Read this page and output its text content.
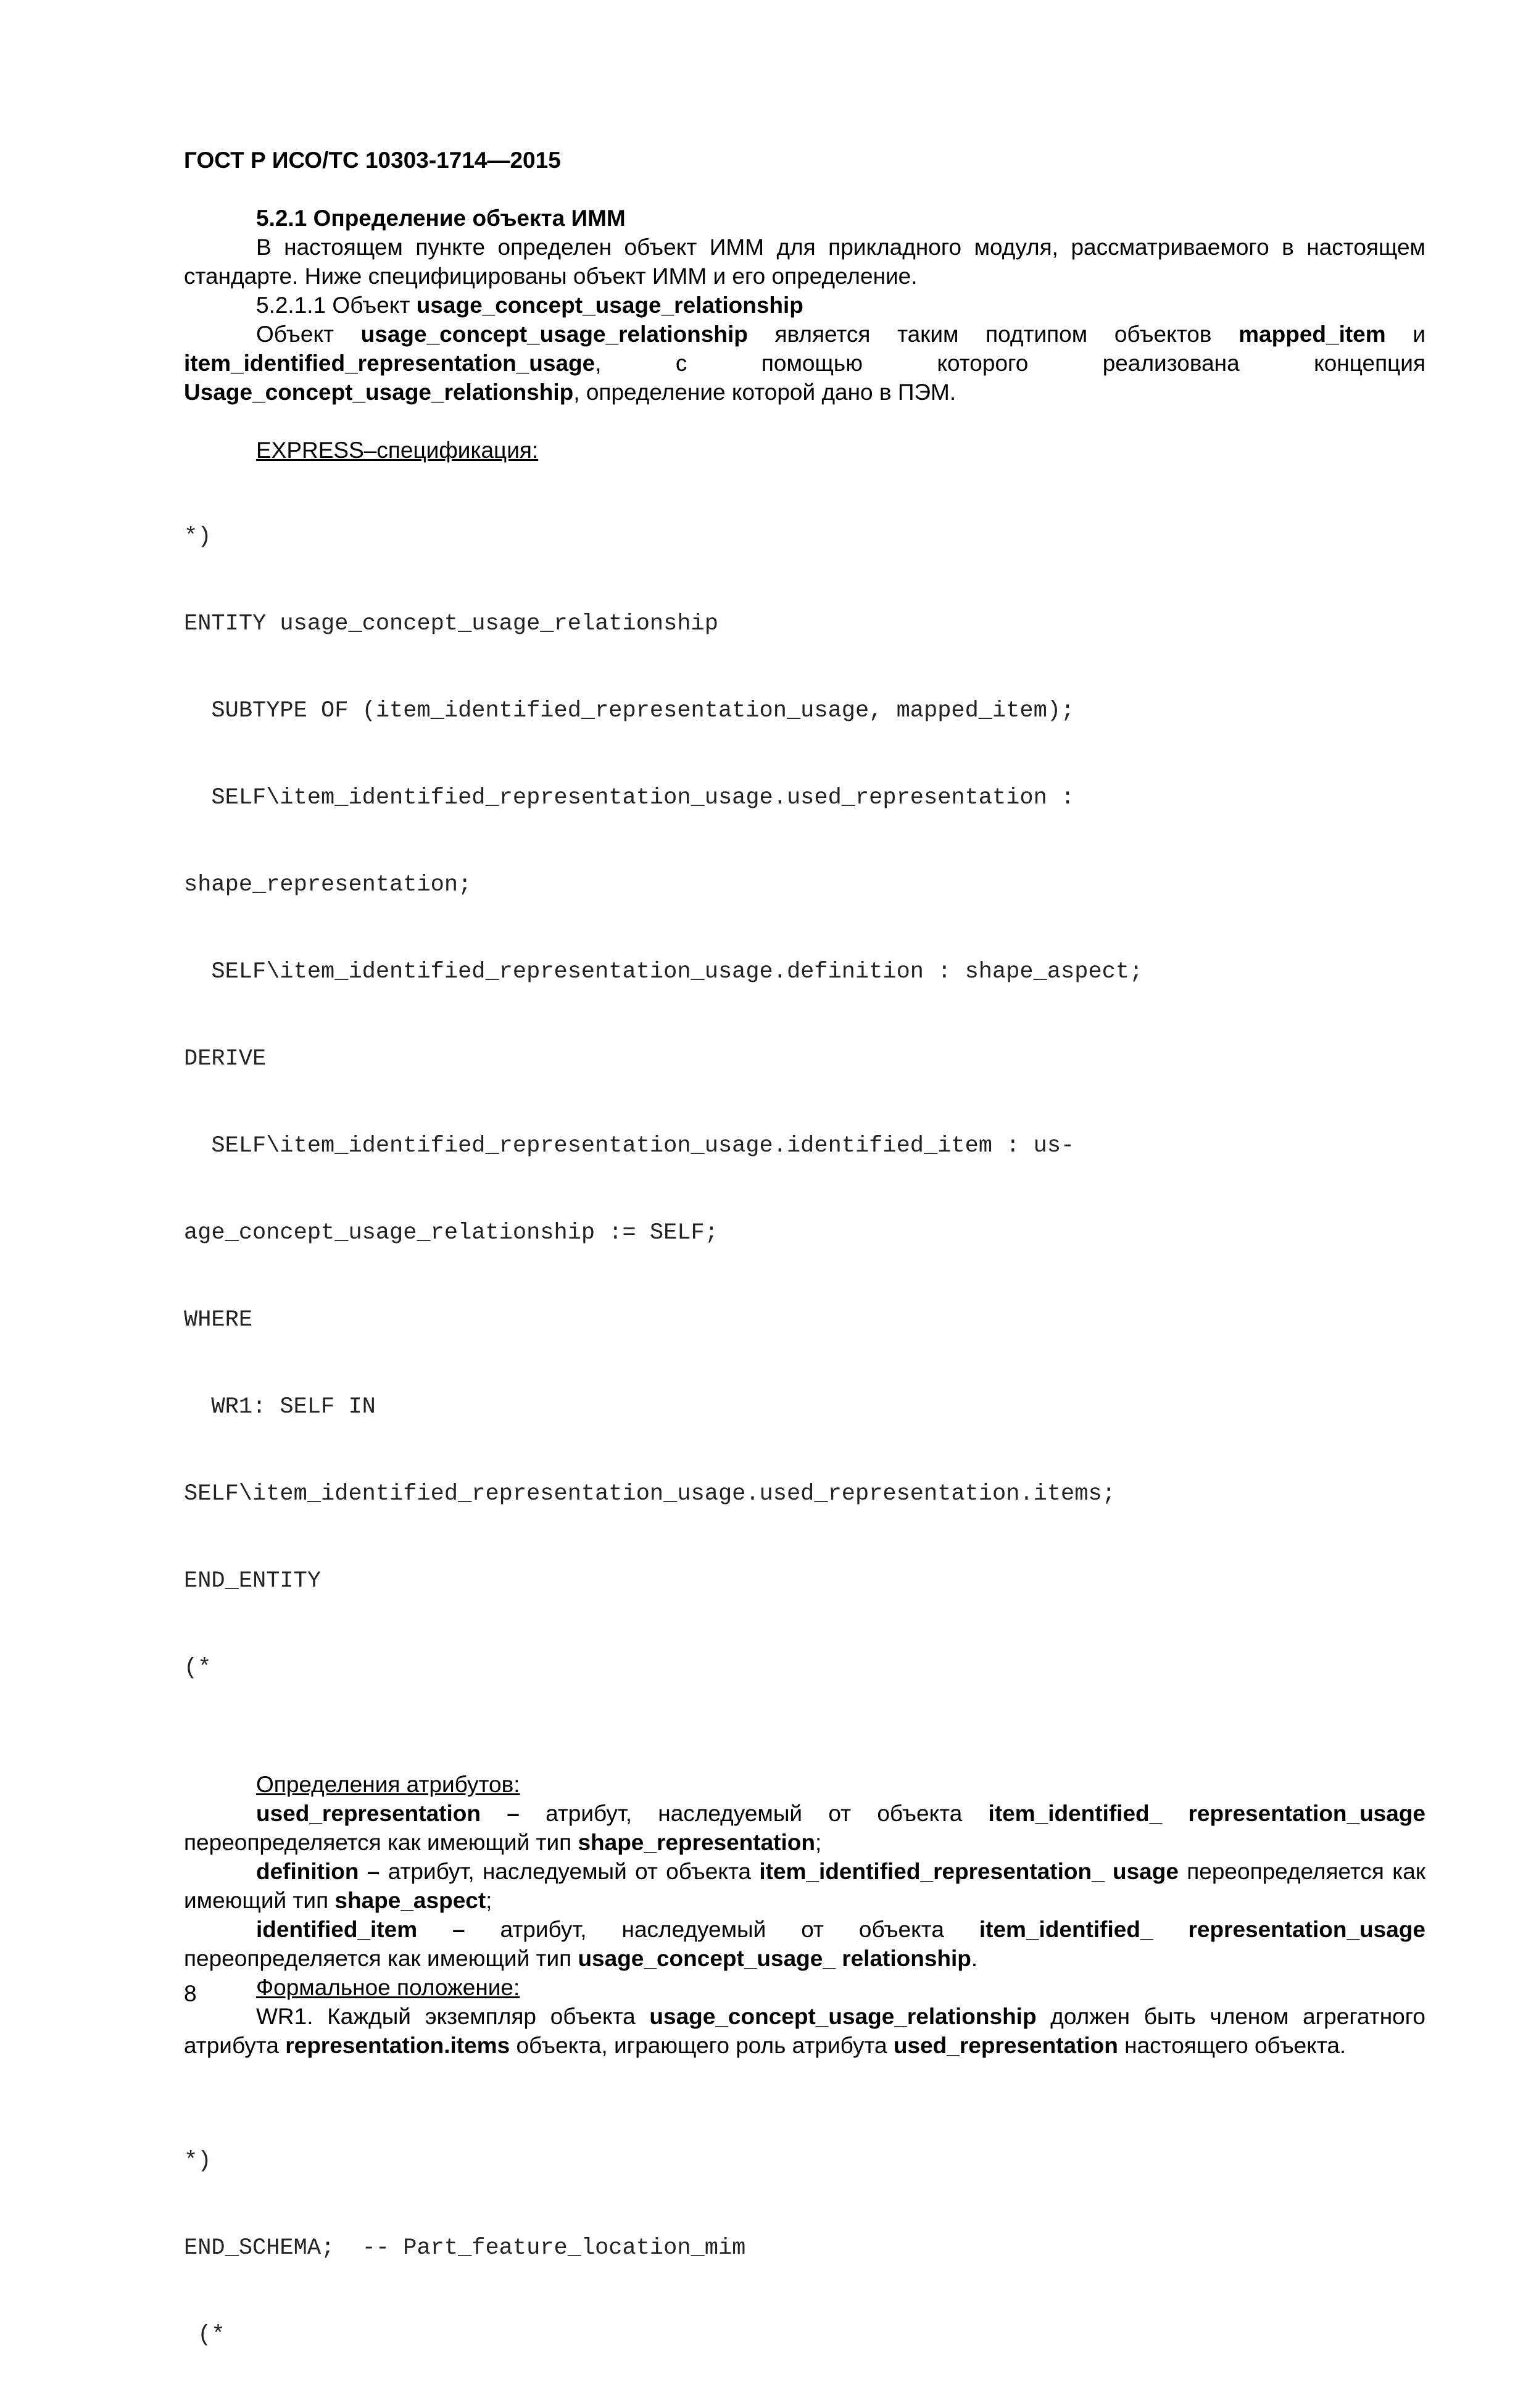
ГОСТ Р ИСО/ТС 10303-1714—2015

5.2.1 Определение объекта ИММ

В настоящем пункте определен объект ИММ для прикладного модуля, рассматриваемого в настоящем стандарте. Ниже специфицированы объект ИММ и его определение.

5.2.1.1 Объект usage_concept_usage_relationship

Объект usage_concept_usage_relationship является таким подтипом объектов mapped_item и item_identified_representation_usage, с помощью которого реализована концепция Usage_concept_usage_relationship, определение которой дано в ПЭМ.

EXPRESS–спецификация:

*)

ENTITY usage_concept_usage_relationship

SUBTYPE OF (item_identified_representation_usage, mapped_item);

SELF\item_identified_representation_usage.used_representation :

shape_representation;

SELF\item_identified_representation_usage.definition : shape_aspect;

DERIVE

SELF\item_identified_representation_usage.identified_item : us-

age_concept_usage_relationship := SELF;

WHERE

WR1: SELF IN

SELF\item_identified_representation_usage.used_representation.items;

END_ENTITY

(*

Определения атрибутов:

used_representation – атрибут, наследуемый от объекта item_identified_ representation_usage переопределяется как имеющий тип shape_representation;

definition – атрибут, наследуемый от объекта item_identified_representation_ usage переопределяется как имеющий тип shape_aspect;

identified_item – атрибут, наследуемый от объекта item_identified_ representation_usage переопределяется как имеющий тип usage_concept_usage_ relationship.

Формальное положение:

WR1. Каждый экземпляр объекта usage_concept_usage_relationship должен быть членом агрегатного атрибута representation.items объекта, играющего роль атрибута used_representation настоящего объекта.

*)

END_SCHEMA;  -- Part_feature_location_mim

(*

8
